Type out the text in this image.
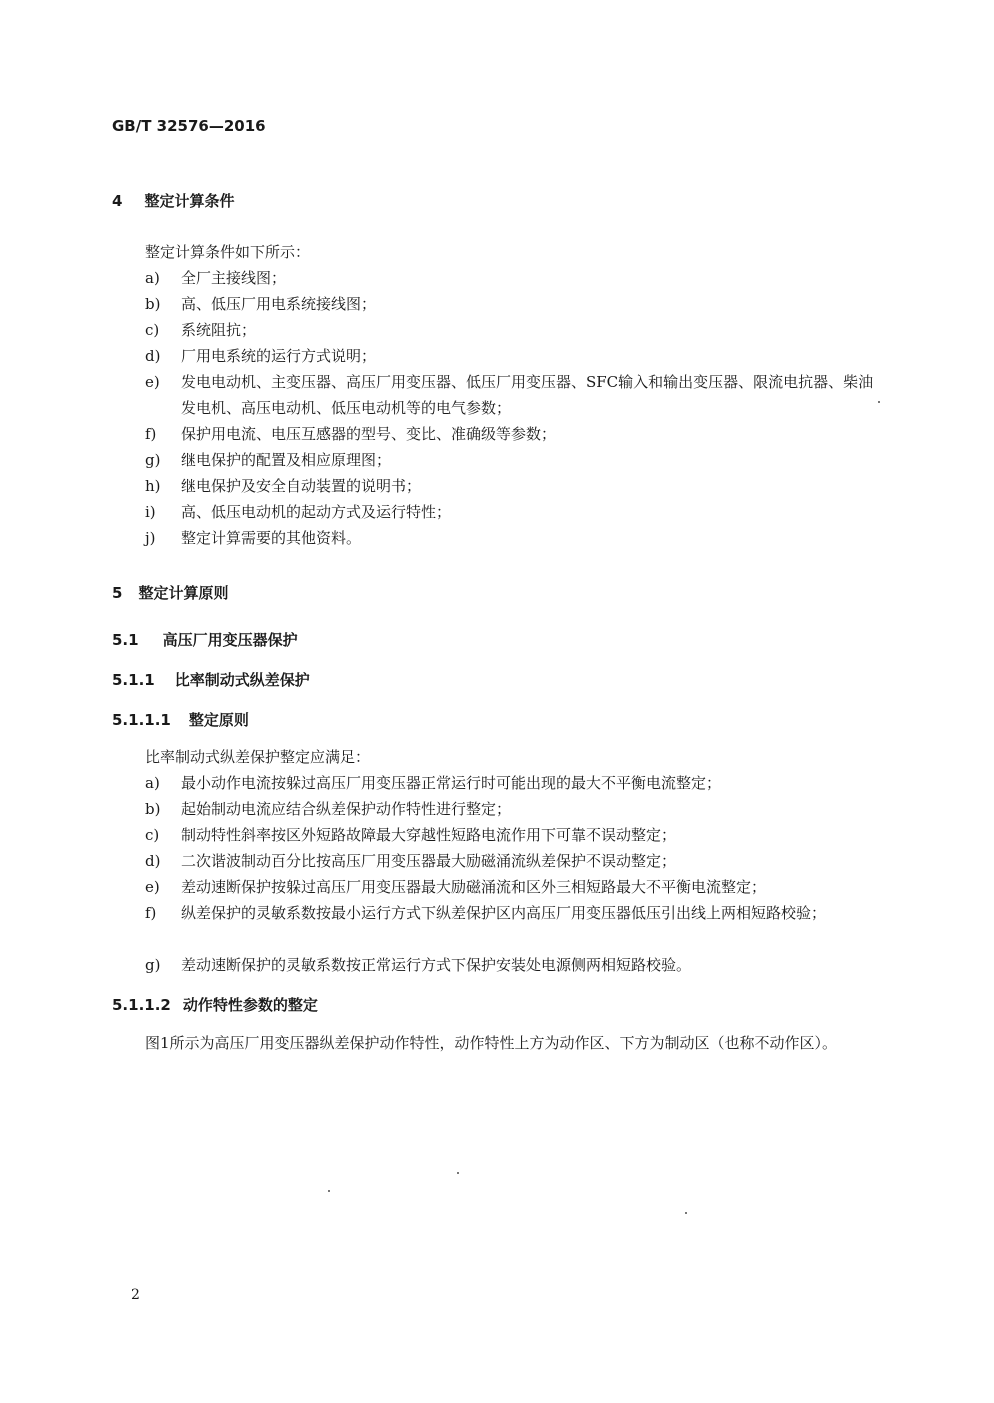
GB/T 32576—2016
4 整定计算条件
整定计算条件如下所示：
a) 全厂主接线图；
b) 高、低压厂用电系统接线图；
c) 系统阻抗；
d) 厂用电系统的运行方式说明；
e) 发电电动机、主变压器、高压厂用变压器、低压厂用变压器、SFC输入和输出变压器、限流电抗器、柴油发电机、高压电动机、低压电动机等的电气参数；
f) 保护用电流、电压互感器的型号、变比、准确级等参数；
g) 继电保护的配置及相应原理图；
h) 继电保护及安全自动装置的说明书；
i) 高、低压电动机的起动方式及运行特性；
j) 整定计算需要的其他资料。
5 整定计算原则
5.1 高压厂用变压器保护
5.1.1 比率制动式纵差保护
5.1.1.1 整定原则
比率制动式纵差保护整定应满足：
a) 最小动作电流按躲过高压厂用变压器正常运行时可能出现的最大不平衡电流整定；
b) 起始制动电流应结合纵差保护动作特性进行整定；
c) 制动特性斜率按区外短路故障最大穿越性短路电流作用下可靠不误动整定；
d) 二次谐波制动百分比按高压厂用变压器最大励磁涌流纵差保护不误动整定；
e) 差动速断保护按躲过高压厂用变压器最大励磁涌流和区外三相短路最大不平衡电流整定；
f) 纵差保护的灵敏系数按最小运行方式下纵差保护区内高压厂用变压器低压引出线上两相短路校验；
g) 差动速断保护的灵敏系数按正常运行方式下保护安装处电源侧两相短路校验。
5.1.1.2 动作特性参数的整定
图1所示为高压厂用变压器纵差保护动作特性，动作特性上方为动作区、下方为制动区（也称不动作区）。
2
